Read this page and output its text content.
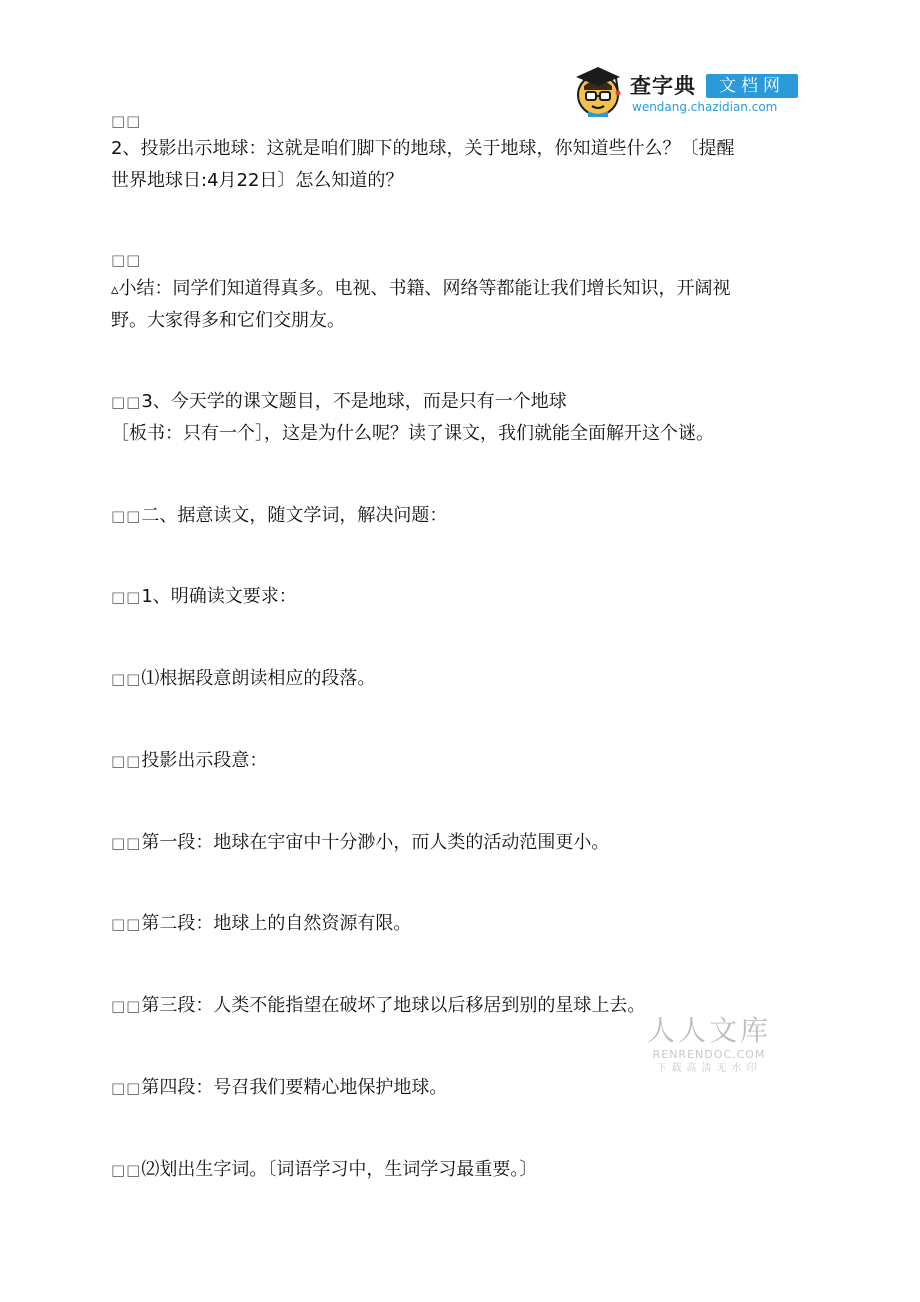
查字典	文档网
wendang.chazidian.com
□□
2、投影出示地球：这就是咱们脚下的地球，关于地球，你知道些什么？〔提醒
世界地球日:4月22日〕怎么知道的？
□□
▵小结：同学们知道得真多。电视、书籍、网络等都能让我们增长知识，开阔视
野。大家得多和它们交朋友。
□□3、今天学的课文题目，不是地球，而是只有一个地球
［板书：只有一个］，这是为什么呢？读了课文，我们就能全面解开这个谜。
□□二、据意读文，随文学词，解决问题：
□□1、明确读文要求：
□□⑴根据段意朗读相应的段落。
□□投影出示段意：
□□第一段：地球在宇宙中十分渺小，而人类的活动范围更小。
□□第二段：地球上的自然资源有限。
□□第三段：人类不能指望在破坏了地球以后移居到别的星球上去。
□□第四段：号召我们要精心地保护地球。
□□⑵划出生字词。〔词语学习中，生词学习最重要。〕
人人文库
RENRENDOC.COM
下载高清无水印
